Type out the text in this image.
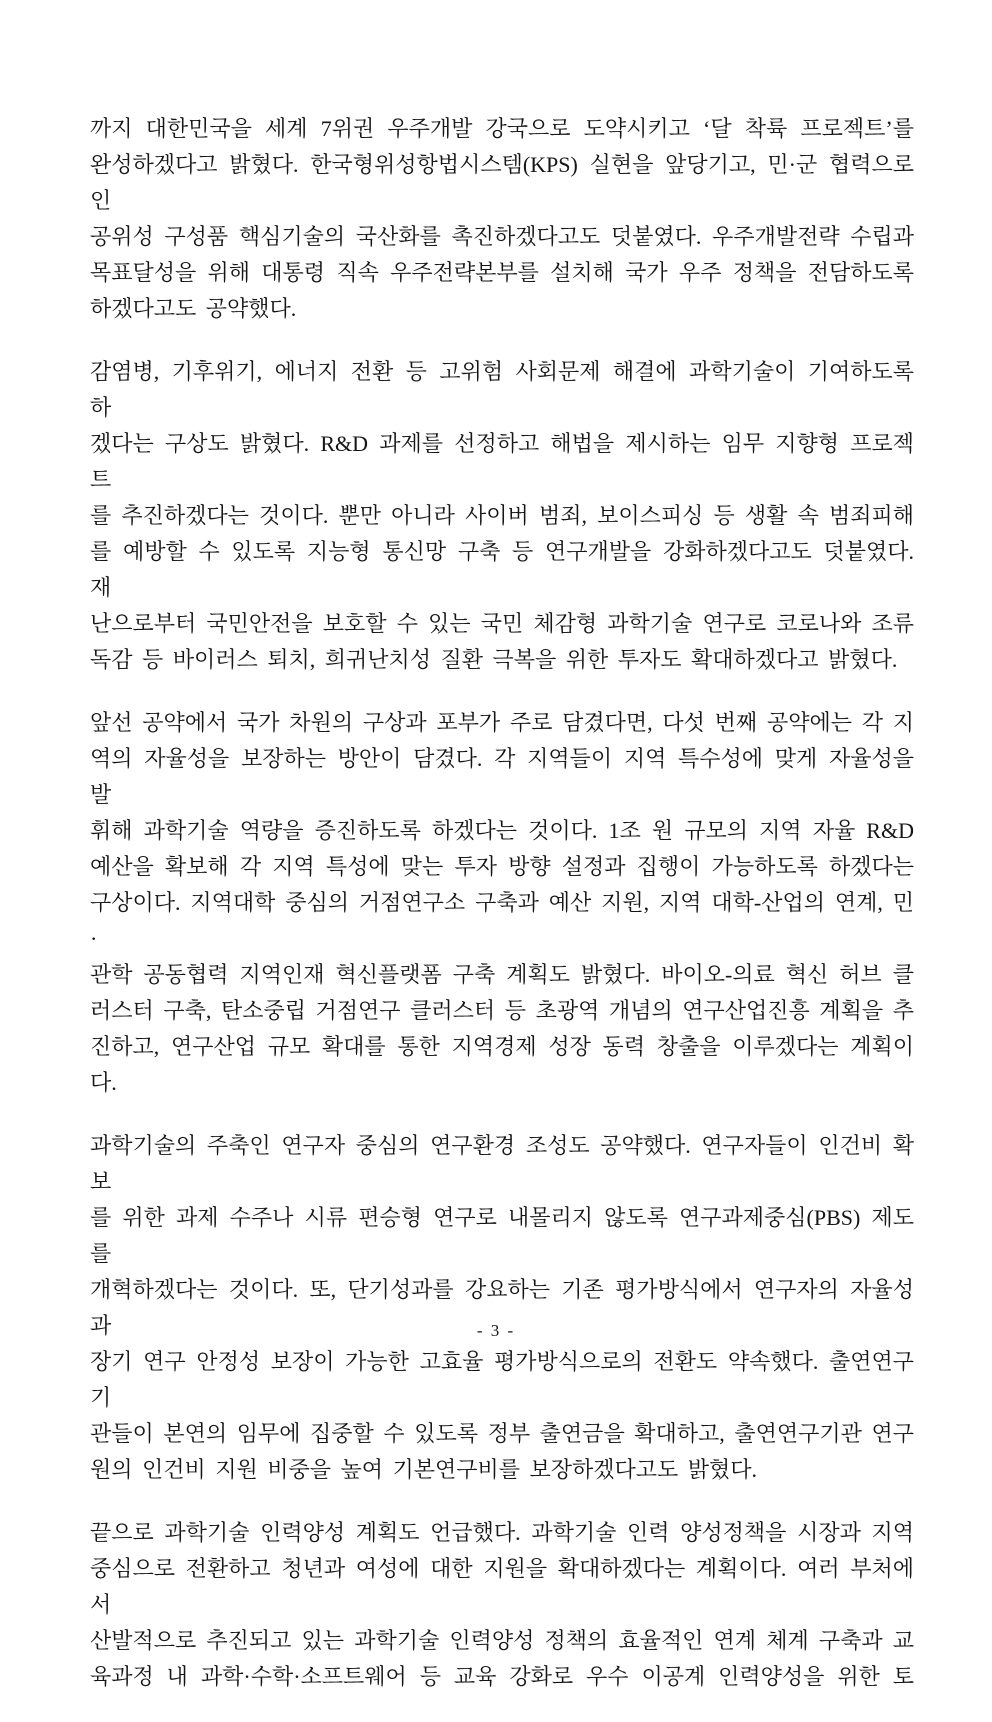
까지 대한민국을 세계 7위권 우주개발 강국으로 도약시키고 ‘달 착륙 프로젝트’를
완성하겠다고 밝혔다. 한국형위성항법시스템(KPS) 실현을 앞당기고, 민·군 협력으로 인
공위성 구성품 핵심기술의 국산화를 촉진하겠다고도 덧붙였다. 우주개발전략 수립과
목표달성을 위해 대통령 직속 우주전략본부를 설치해 국가 우주 정책을 전담하도록
하겠다고도 공약했다.
감염병, 기후위기, 에너지 전환 등 고위험 사회문제 해결에 과학기술이 기여하도록 하
겠다는 구상도 밝혔다. R&D 과제를 선정하고 해법을 제시하는 임무 지향형 프로젝트
를 추진하겠다는 것이다. 뿐만 아니라 사이버 범죄, 보이스피싱 등 생활 속 범죄피해
를 예방할 수 있도록 지능형 통신망 구축 등 연구개발을 강화하겠다고도 덧붙였다. 재
난으로부터 국민안전을 보호할 수 있는 국민 체감형 과학기술 연구로 코로나와 조류
독감 등 바이러스 퇴치, 희귀난치성 질환 극복을 위한 투자도 확대하겠다고 밝혔다.
앞선 공약에서 국가 차원의 구상과 포부가 주로 담겼다면, 다섯 번째 공약에는 각 지
역의 자율성을 보장하는 방안이 담겼다. 각 지역들이 지역 특수성에 맞게 자율성을 발
휘해 과학기술 역량을 증진하도록 하겠다는 것이다. 1조 원 규모의 지역 자율 R&D
예산을 확보해 각 지역 특성에 맞는 투자 방향 설정과 집행이 가능하도록 하겠다는
구상이다. 지역대학 중심의 거점연구소 구축과 예산 지원, 지역 대학-산업의 연계, 민·
관학 공동협력 지역인재 혁신플랫폼 구축 계획도 밝혔다. 바이오-의료 혁신 허브 클
러스터 구축, 탄소중립 거점연구 클러스터 등 초광역 개념의 연구산업진흥 계획을 추
진하고, 연구산업 규모 확대를 통한 지역경제 성장 동력 창출을 이루겠다는 계획이다.
과학기술의 주축인 연구자 중심의 연구환경 조성도 공약했다. 연구자들이 인건비 확보
를 위한 과제 수주나 시류 편승형 연구로 내몰리지 않도록 연구과제중심(PBS) 제도를
개혁하겠다는 것이다. 또, 단기성과를 강요하는 기존 평가방식에서 연구자의 자율성과
장기 연구 안정성 보장이 가능한 고효율 평가방식으로의 전환도 약속했다. 출연연구기
관들이 본연의 임무에 집중할 수 있도록 정부 출연금을 확대하고, 출연연구기관 연구
원의 인건비 지원 비중을 높여 기본연구비를 보장하겠다고도 밝혔다.
끝으로 과학기술 인력양성 계획도 언급했다. 과학기술 인력 양성정책을 시장과 지역
중심으로 전환하고 청년과 여성에 대한 지원을 확대하겠다는 계획이다. 여러 부처에서
산발적으로 추진되고 있는 과학기술 인력양성 정책의 효율적인 연계 체계 구축과 교
육과정 내 과학·수학·소프트웨어 등 교육 강화로 우수 이공계 인력양성을 위한 토
- 3 -
